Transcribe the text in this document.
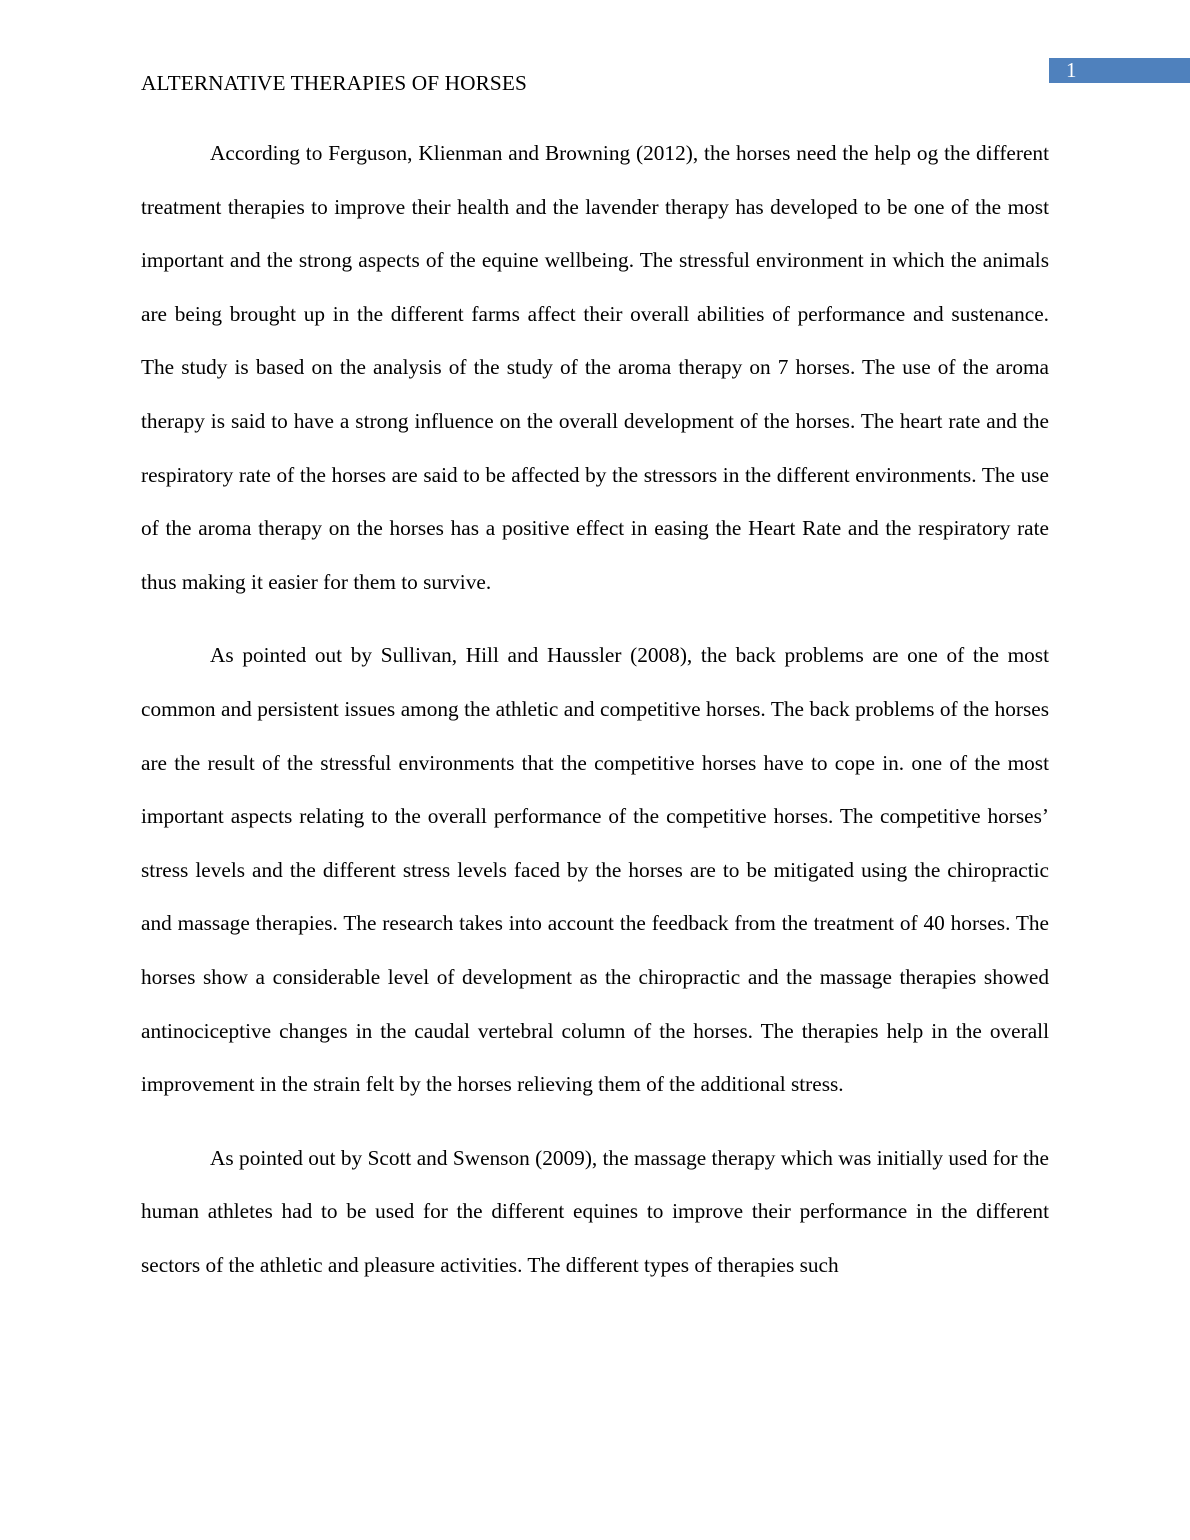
1
ALTERNATIVE THERAPIES OF HORSES

According to Ferguson, Klienman and Browning (2012), the horses need the help og the different treatment therapies to improve their health and the lavender therapy has developed to be one of the most important and the strong aspects of the equine wellbeing. The stressful environment in which the animals are being brought up in the different farms affect their overall abilities of performance and sustenance. The study is based on the analysis of the study of the aroma therapy on 7 horses. The use of the aroma therapy is said to have a strong influence on the overall development of the horses. The heart rate and the respiratory rate of the horses are said to be affected by the stressors in the different environments. The use of the aroma therapy on the horses has a positive effect in easing the Heart Rate and the respiratory rate thus making it easier for them to survive.

As pointed out by Sullivan, Hill and Haussler (2008), the back problems are one of the most common and persistent issues among the athletic and competitive horses. The back problems of the horses are the result of the stressful environments that the competitive horses have to cope in. one of the most important aspects relating to the overall performance of the competitive horses. The competitive horses’ stress levels and the different stress levels faced by the horses are to be mitigated using the chiropractic and massage therapies. The research takes into account the feedback from the treatment of 40 horses. The horses show a considerable level of development as the chiropractic and the massage therapies showed antinociceptive changes in the caudal vertebral column of the horses. The therapies help in the overall improvement in the strain felt by the horses relieving them of the additional stress.

As pointed out by Scott and Swenson (2009), the massage therapy which was initially used for the human athletes had to be used for the different equines to improve their performance in the different sectors of the athletic and pleasure activities. The different types of therapies such
